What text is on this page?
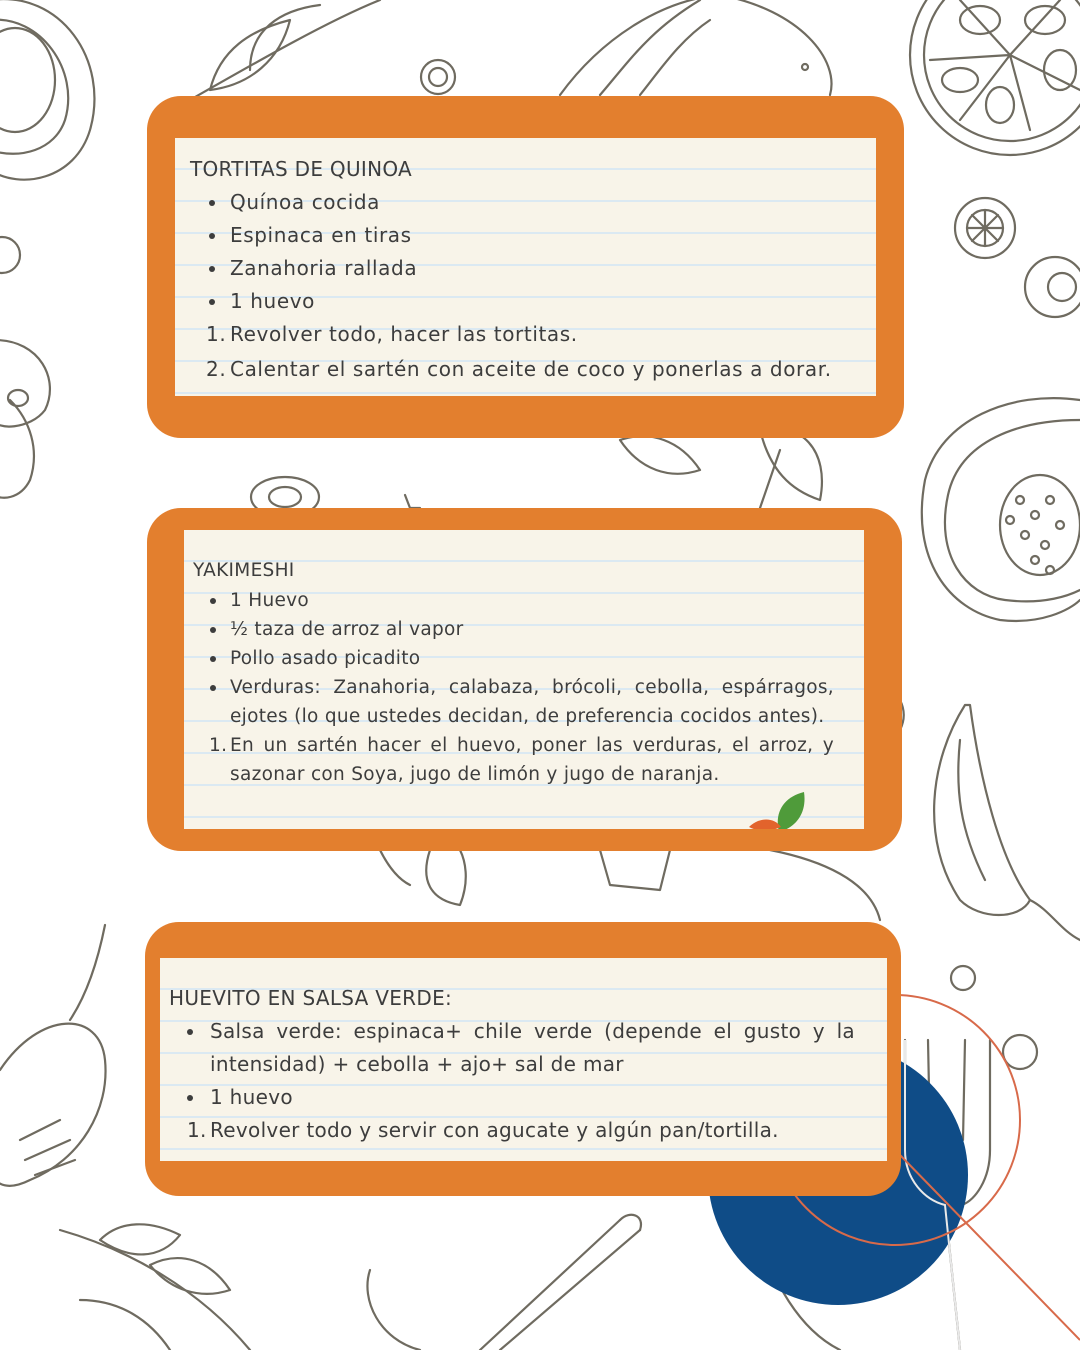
TORTITAS DE QUINOA

Quínoa cocida
Espinaca en tiras
Zanahoria rallada
1 huevo
1. Revolver todo, hacer las tortitas.
2. Calentar el sartén con aceite de coco y ponerlas a dorar.

YAKIMESHI

1 Huevo
½ taza de arroz al vapor
Pollo asado picadito
Verduras: Zanahoria, calabaza, brócoli, cebolla, espárragos, ejotes (lo que ustedes decidan, de preferencia cocidos antes).
1. En un sartén hacer el huevo, poner las verduras, el arroz, y sazonar con Soya, jugo de limón y jugo de naranja.

HUEVITO EN SALSA VERDE:

Salsa verde: espinaca+ chile verde (depende el gusto y la intensidad) + cebolla + ajo+ sal de mar
1 huevo
1. Revolver todo y servir con agucate y algún pan/tortilla.
